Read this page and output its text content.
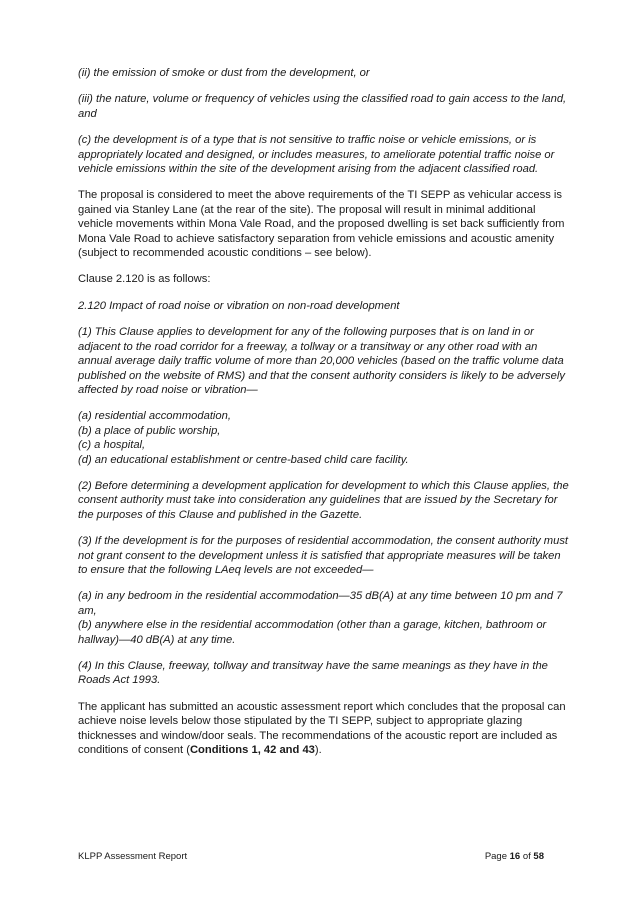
(ii) the emission of smoke or dust from the development, or

(iii) the nature, volume or frequency of vehicles using the classified road to gain access to the land, and

(c) the development is of a type that is not sensitive to traffic noise or vehicle emissions, or is appropriately located and designed, or includes measures, to ameliorate potential traffic noise or vehicle emissions within the site of the development arising from the adjacent classified road.

The proposal is considered to meet the above requirements of the TI SEPP as vehicular access is gained via Stanley Lane (at the rear of the site). The proposal will result in minimal additional vehicle movements within Mona Vale Road, and the proposed dwelling is set back sufficiently from Mona Vale Road to achieve satisfactory separation from vehicle emissions and acoustic amenity (subject to recommended acoustic conditions – see below).

Clause 2.120 is as follows:

2.120 Impact of road noise or vibration on non-road development

(1) This Clause applies to development for any of the following purposes that is on land in or adjacent to the road corridor for a freeway, a tollway or a transitway or any other road with an annual average daily traffic volume of more than 20,000 vehicles (based on the traffic volume data published on the website of RMS) and that the consent authority considers is likely to be adversely affected by road noise or vibration—

(a) residential accommodation,

(b) a place of public worship,

(c) a hospital,

(d) an educational establishment or centre-based child care facility.

(2) Before determining a development application for development to which this Clause applies, the consent authority must take into consideration any guidelines that are issued by the Secretary for the purposes of this Clause and published in the Gazette.

(3) If the development is for the purposes of residential accommodation, the consent authority must not grant consent to the development unless it is satisfied that appropriate measures will be taken to ensure that the following LAeq levels are not exceeded—

(a) in any bedroom in the residential accommodation—35 dB(A) at any time between 10 pm and 7 am,

(b) anywhere else in the residential accommodation (other than a garage, kitchen, bathroom or hallway)—40 dB(A) at any time.

(4) In this Clause, freeway, tollway and transitway have the same meanings as they have in the Roads Act 1993.

The applicant has submitted an acoustic assessment report which concludes that the proposal can achieve noise levels below those stipulated by the TI SEPP, subject to appropriate glazing thicknesses and window/door seals. The recommendations of the acoustic report are included as conditions of consent (Conditions 1, 42 and 43).

KLPP Assessment Report	Page 16 of 58
